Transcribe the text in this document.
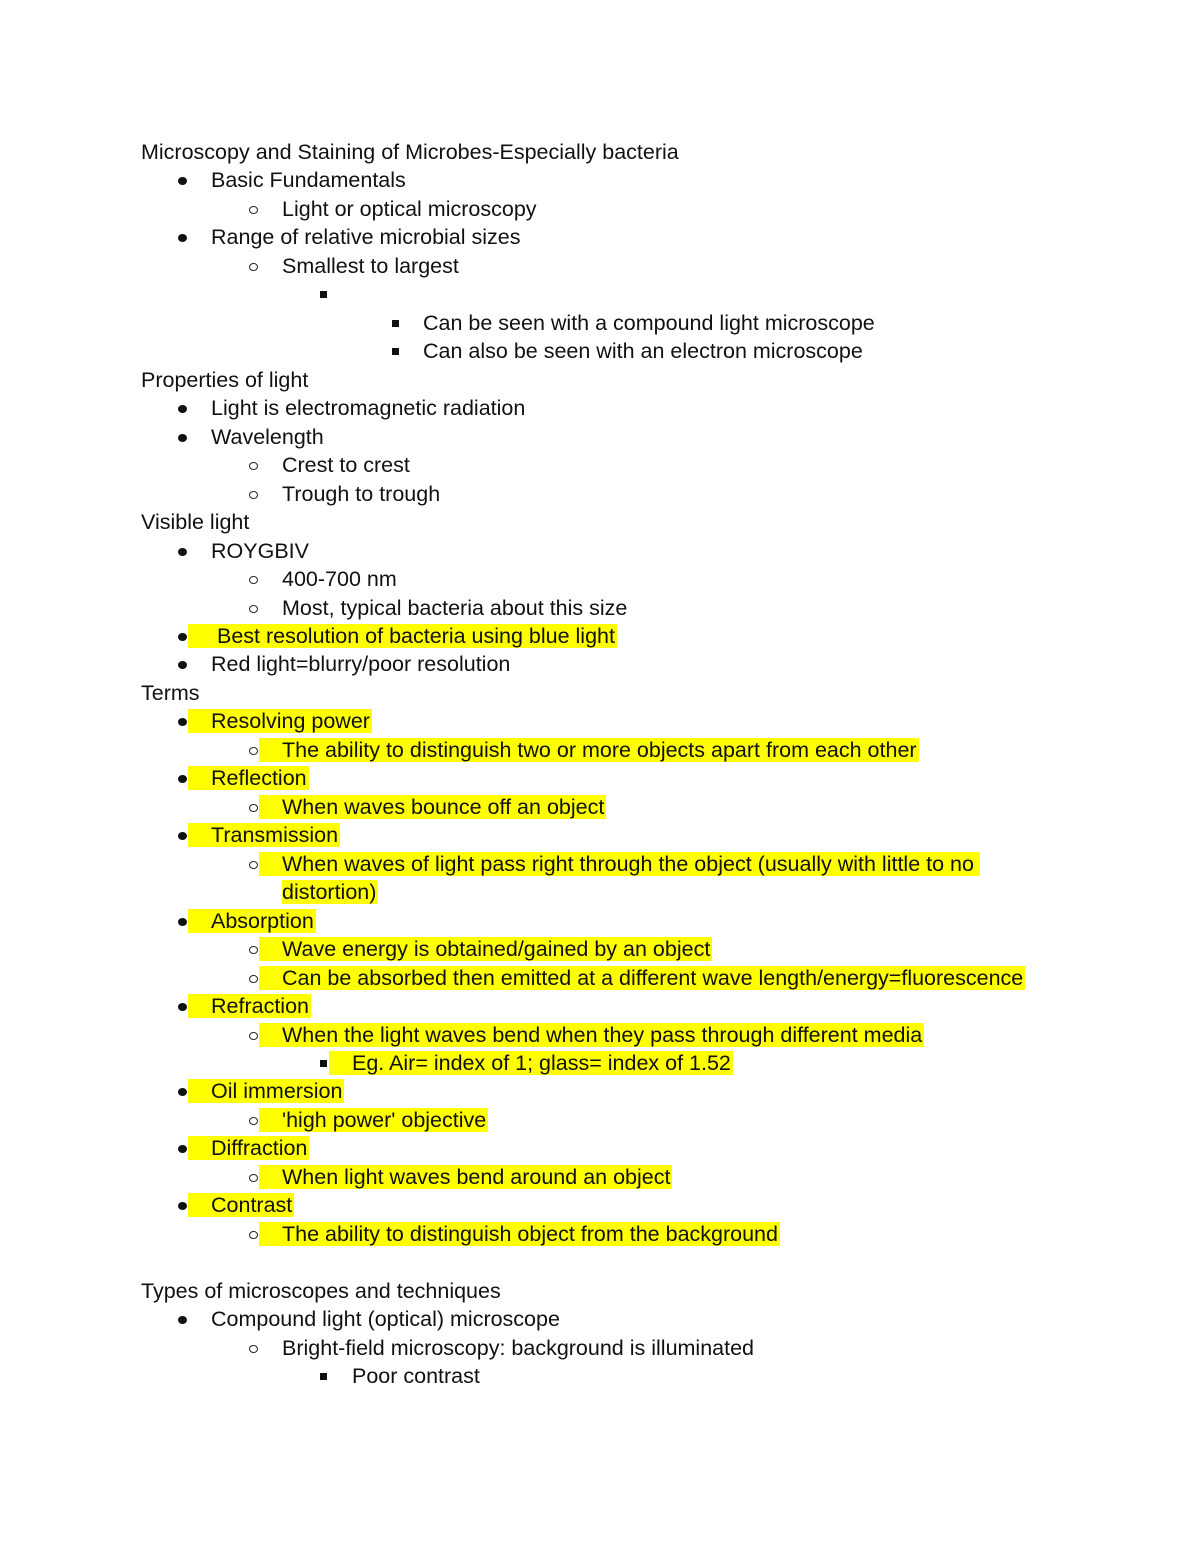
Microscopy and Staining of Microbes-Especially bacteria
Basic Fundamentals
Light or optical microscopy
Range of relative microbial sizes
Smallest to largest
Can be seen with a compound light microscope
Can also be seen with an electron microscope
Properties of light
Light is electromagnetic radiation
Wavelength
Crest to crest
Trough to trough
Visible light
ROYGBIV
400-700 nm
Most, typical bacteria about this size
Best resolution of bacteria using blue light
Red light=blurry/poor resolution
Terms
Resolving power
The ability to distinguish two or more objects apart from each other
Reflection
When waves bounce off an object
Transmission
When waves of light pass right through the object (usually with little to no distortion)
Absorption
Wave energy is obtained/gained by an object
Can be absorbed then emitted at a different wave length/energy=fluorescence
Refraction
When the light waves bend when they pass through different media
Eg. Air= index of 1; glass= index of 1.52
Oil immersion
'high power' objective
Diffraction
When light waves bend around an object
Contrast
The ability to distinguish object from the background
Types of microscopes and techniques
Compound light (optical) microscope
Bright-field microscopy: background is illuminated
Poor contrast
